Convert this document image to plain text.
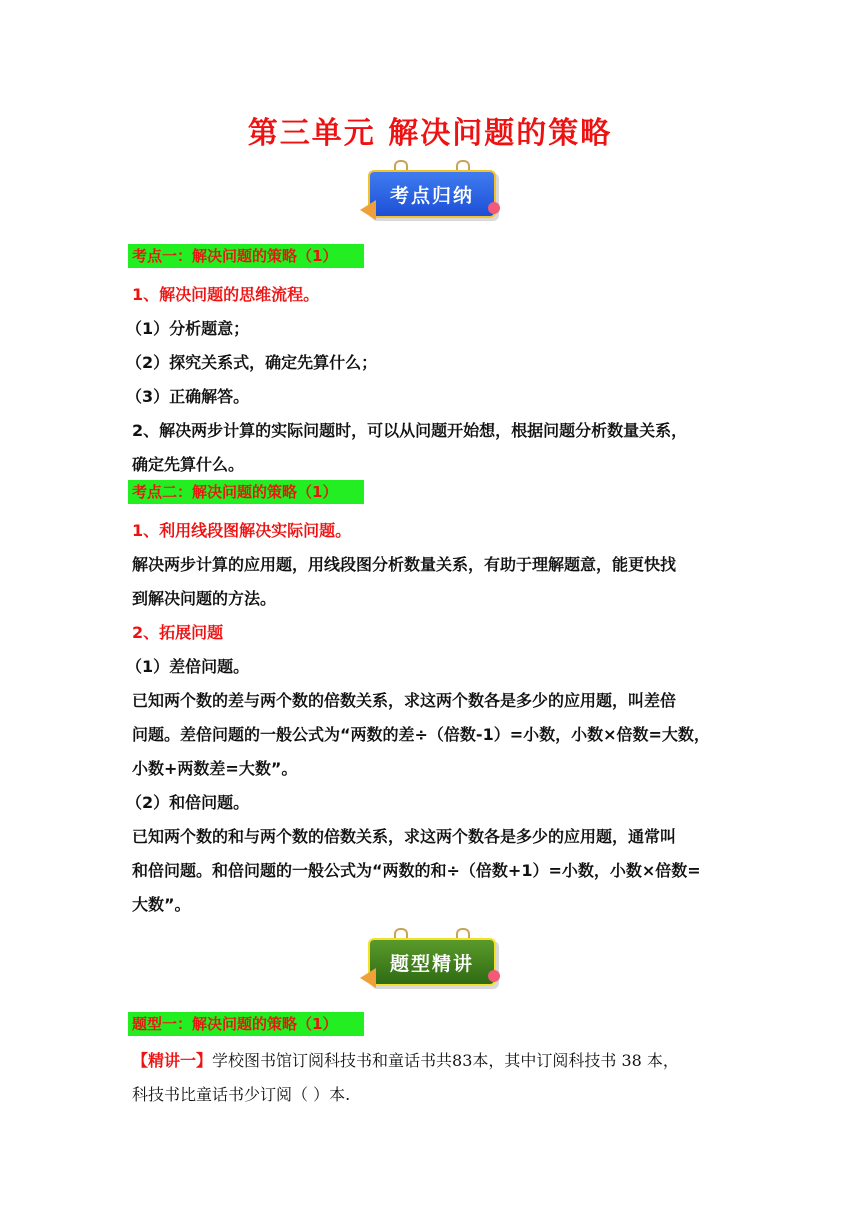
第三单元 解决问题的策略
考点归纳
考点一：解决问题的策略（1）
1、解决问题的思维流程。
（1）分析题意；
（2）探究关系式，确定先算什么；
（3）正确解答。
2、解决两步计算的实际问题时，可以从问题开始想，根据问题分析数量关系，
确定先算什么。
考点二：解决问题的策略（1）
1、利用线段图解决实际问题。
解决两步计算的应用题，用线段图分析数量关系，有助于理解题意，能更快找
到解决问题的方法。
2、拓展问题
（1）差倍问题。
已知两个数的差与两个数的倍数关系，求这两个数各是多少的应用题，叫差倍
问题。差倍问题的一般公式为“两数的差÷（倍数-1）=小数，小数×倍数=大数，
小数+两数差=大数”。
（2）和倍问题。
已知两个数的和与两个数的倍数关系，求这两个数各是多少的应用题，通常叫
和倍问题。和倍问题的一般公式为“两数的和÷（倍数+1）=小数，小数×倍数=
大数”。
题型精讲
题型一：解决问题的策略（1）
【精讲一】学校图书馆订阅科技书和童话书共83本，其中订阅科技书 38 本，
科技书比童话书少订阅（ ）本.
